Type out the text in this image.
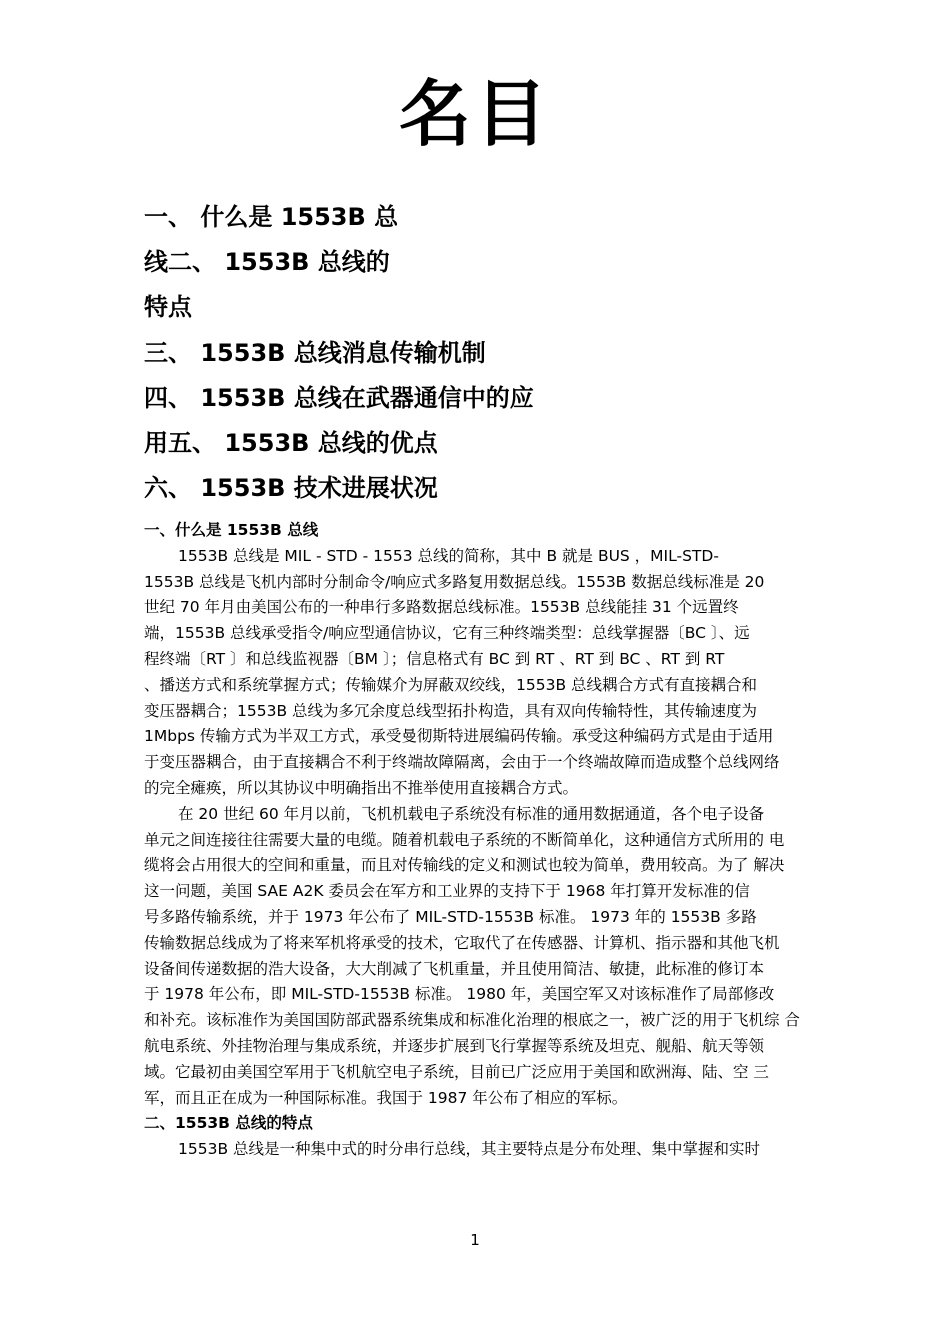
名目
一、 什么是 1553B 总
线二、 1553B 总线的
特点
三、 1553B 总线消息传输机制
四、 1553B 总线在武器通信中的应
用五、 1553B 总线的优点
六、 1553B 技术进展状况
一、什么是 1553B 总线
1553B 总线是 MIL - STD - 1553 总线的简称，其中 B 就是 BUS ，MIL-STD-
1553B 总线是飞机内部时分制命令/响应式多路复用数据总线。1553B 数据总线标准是 20
世纪 70 年月由美国公布的一种串行多路数据总线标准。1553B 总线能挂 31 个远置终
端，1553B 总线承受指令/响应型通信协议，它有三种终端类型：总线掌握器〔BC 〕、远
程终端〔RT 〕和总线监视器〔BM 〕；信息格式有 BC 到 RT 、RT 到 BC 、RT 到 RT
、播送方式和系统掌握方式；传输媒介为屏蔽双绞线，1553B 总线耦合方式有直接耦合和
变压器耦合；1553B 总线为多冗余度总线型拓扑构造，具有双向传输特性，其传输速度为
1Mbps 传输方式为半双工方式，承受曼彻斯特进展编码传输。承受这种编码方式是由于适用
于变压器耦合，由于直接耦合不利于终端故障隔离，会由于一个终端故障而造成整个总线网络
的完全瘫痪，所以其协议中明确指出不推举使用直接耦合方式。
在 20 世纪 60 年月以前，飞机机载电子系统没有标准的通用数据通道，各个电子设备
单元之间连接往往需要大量的电缆。随着机载电子系统的不断简单化，这种通信方式所用的 电
缆将会占用很大的空间和重量，而且对传输线的定义和测试也较为简单，费用较高。为了 解决
这一问题，美国 SAE A2K 委员会在军方和工业界的支持下于 1968 年打算开发标准的信
号多路传输系统，并于 1973 年公布了 MIL-STD-1553B 标准。 1973 年的 1553B 多路
传输数据总线成为了将来军机将承受的技术，它取代了在传感器、计算机、指示器和其他飞机
设备间传递数据的浩大设备，大大削减了飞机重量，并且使用简洁、敏捷，此标准的修订本
于 1978 年公布，即 MIL-STD-1553B 标准。 1980 年，美国空军又对该标准作了局部修改
和补充。该标准作为美国国防部武器系统集成和标准化治理的根底之一，被广泛的用于飞机综 合
航电系统、外挂物治理与集成系统，并逐步扩展到飞行掌握等系统及坦克、舰船、航天等领
域。它最初由美国空军用于飞机航空电子系统，目前已广泛应用于美国和欧洲海、陆、空 三
军，而且正在成为一种国际标准。我国于 1987 年公布了相应的军标。
二、1553B 总线的特点
1553B 总线是一种集中式的时分串行总线，其主要特点是分布处理、集中掌握和实时
1
